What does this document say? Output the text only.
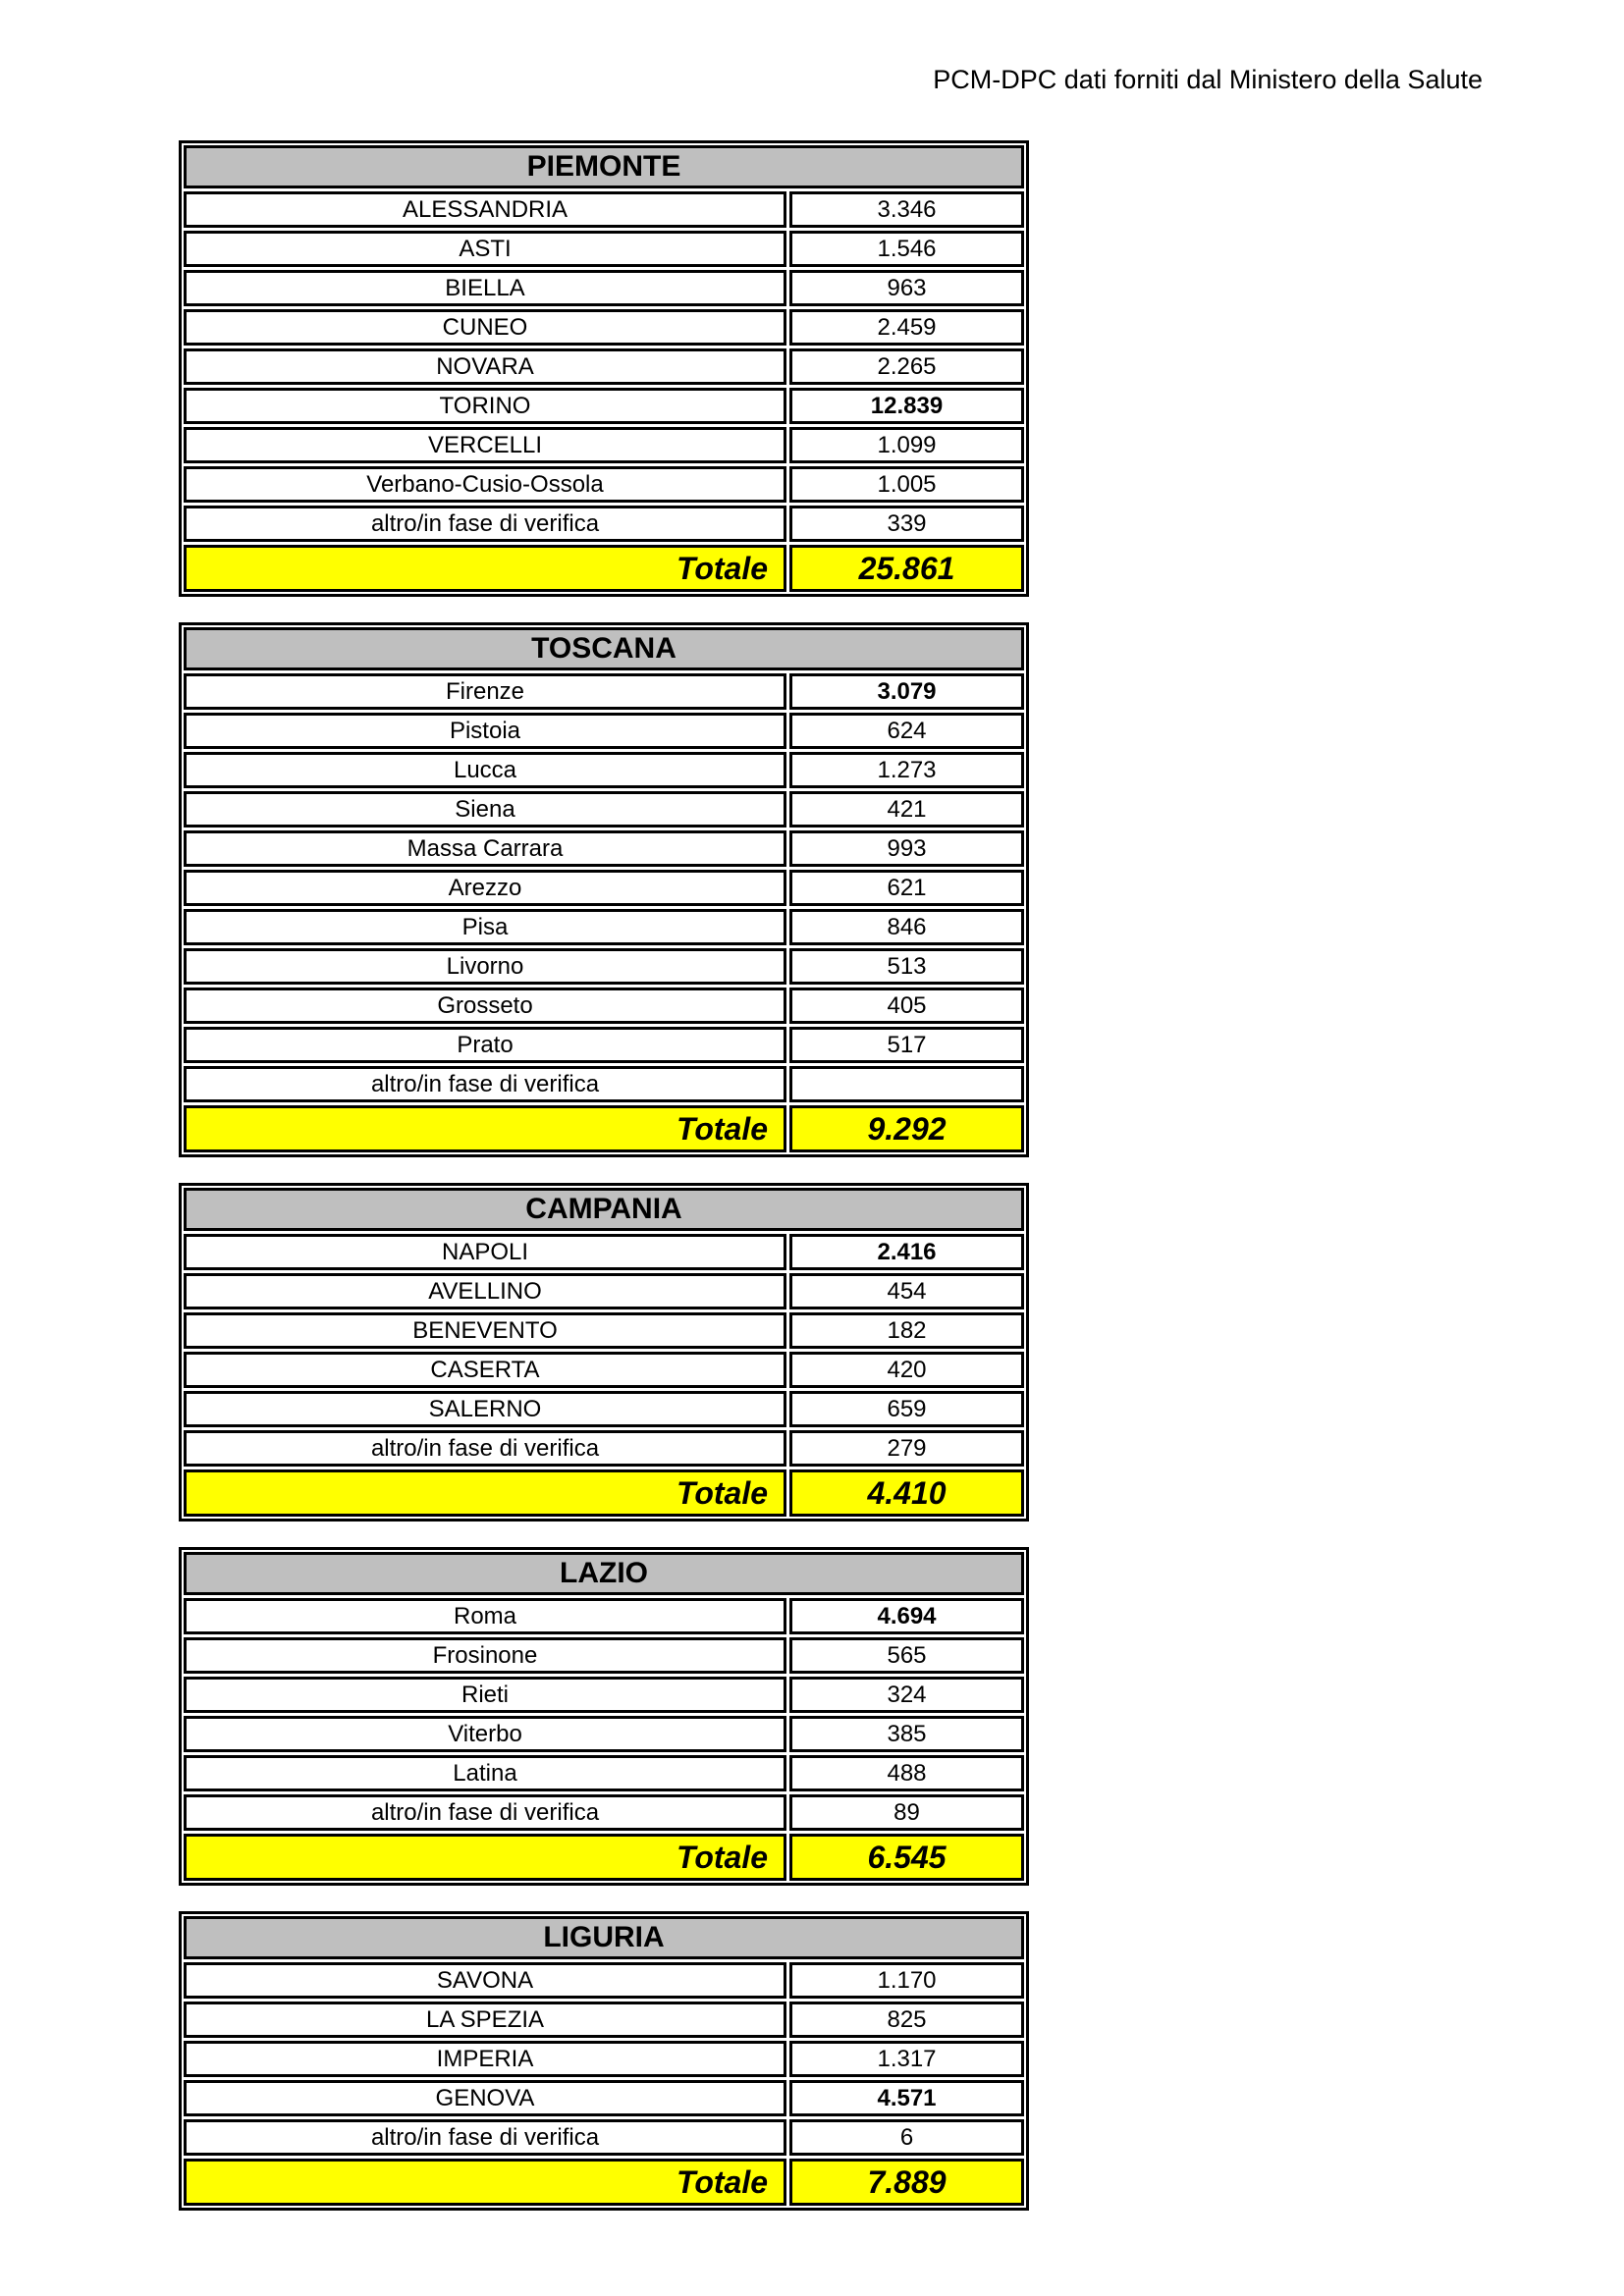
PCM-DPC dati forniti dal Ministero della Salute
PIEMONTE
ALESSANDRIA	3.346
ASTI	1.546
BIELLA	963
CUNEO	2.459
NOVARA	2.265
TORINO	12.839
VERCELLI	1.099
Verbano-Cusio-Ossola	1.005
altro/in fase di verifica	339
Totale	25.861
TOSCANA
Firenze	3.079
Pistoia	624
Lucca	1.273
Siena	421
Massa Carrara	993
Arezzo	621
Pisa	846
Livorno	513
Grosseto	405
Prato	517
altro/in fase di verifica
Totale	9.292
CAMPANIA
NAPOLI	2.416
AVELLINO	454
BENEVENTO	182
CASERTA	420
SALERNO	659
altro/in fase di verifica	279
Totale	4.410
LAZIO
Roma	4.694
Frosinone	565
Rieti	324
Viterbo	385
Latina	488
altro/in fase di verifica	89
Totale	6.545
LIGURIA
SAVONA	1.170
LA SPEZIA	825
IMPERIA	1.317
GENOVA	4.571
altro/in fase di verifica	6
Totale	7.889
